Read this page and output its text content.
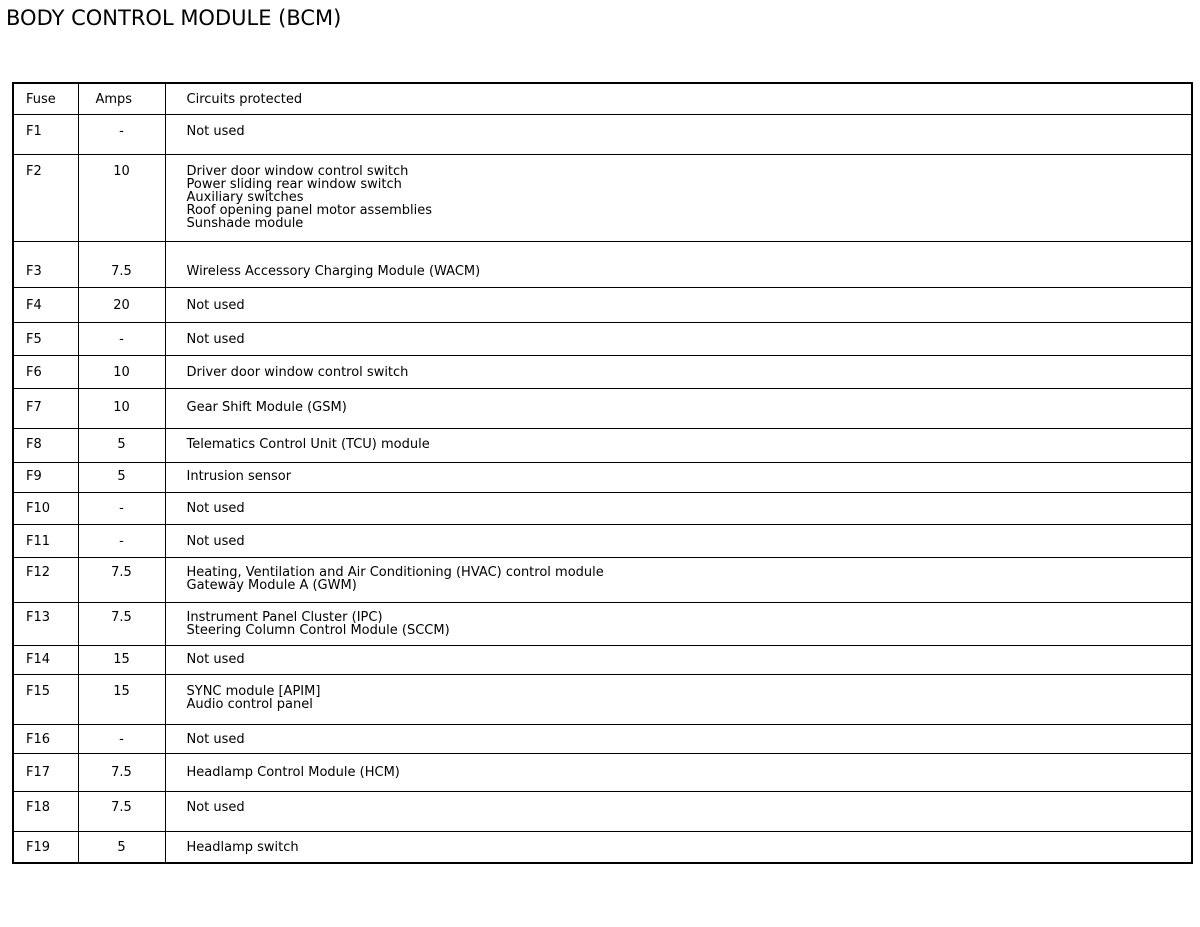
BODY CONTROL MODULE (BCM)
Fuse	Amps	Circuits protected
F1	-	Not used

F2	10	Driver door window control switch
Power sliding rear window switch
Auxiliary switches
Roof opening panel motor assemblies
Sunshade module

F3	7.5	Wireless Accessory Charging Module (WACM)

F4	20	Not used

F5	-	Not used

F6	10	Driver door window control switch

F7	10	Gear Shift Module (GSM)

F8	5	Telematics Control Unit (TCU) module

F9	5	Intrusion sensor

F10	-	Not used

F11	-	Not used

F12	7.5	Heating, Ventilation and Air Conditioning (HVAC) control module
Gateway Module A (GWM)

F13	7.5	Instrument Panel Cluster (IPC)
Steering Column Control Module (SCCM)

F14	15	Not used

F15	15	SYNC module [APIM]
Audio control panel

F16	-	Not used

F17	7.5	Headlamp Control Module (HCM)

F18	7.5	Not used

F19	5	Headlamp switch
